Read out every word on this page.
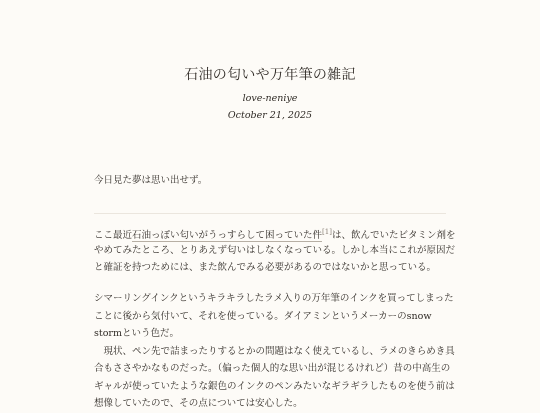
石油の匂いや万年筆の雑記
love-neniye
October 21, 2025
今日見た夢は思い出せず。
ここ最近石油っぽい匂いがうっすらして困っていた件[1]は、飲んでいたビタミン剤を
やめてみたところ、とりあえず匂いはしなくなっている。しかし本当にこれが原因だ
と確証を持つためには、また飲んでみる必要があるのではないかと思っている。
シマーリングインクというキラキラしたラメ入りの万年筆のインクを買ってしまった
ことに後から気付いて、それを使っている。ダイアミンというメーカーのsnow
stormという色だ。
　現状、ペン先で詰まったりするとかの問題はなく使えているし、ラメのきらめき具
合もささやかなものだった。（偏った個人的な思い出が混じるけれど）昔の中高生の
ギャルが使っていたような銀色のインクのペンみたいなギラギラしたものを使う前は
想像していたので、その点については安心した。
